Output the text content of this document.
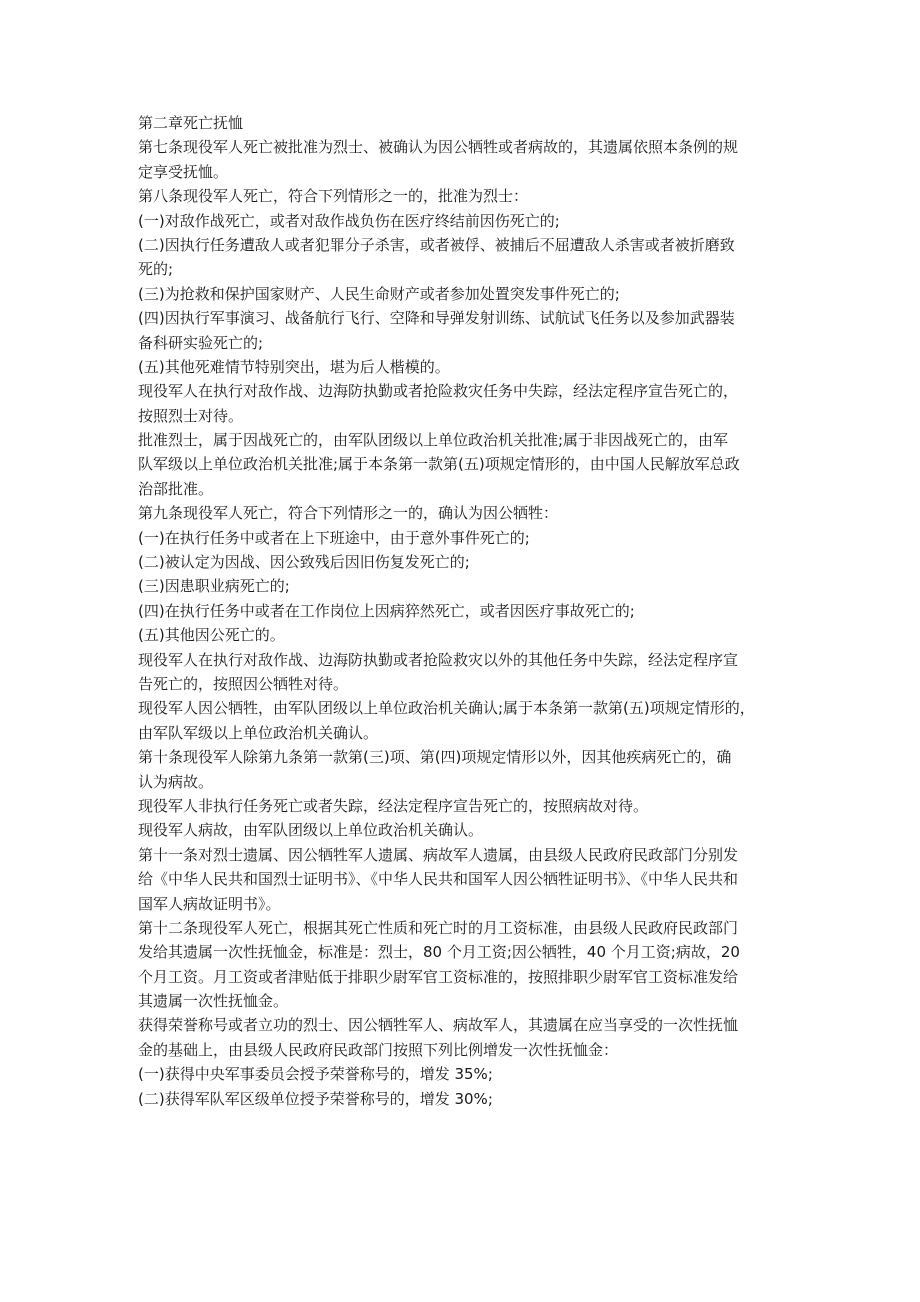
第二章死亡抚恤
第七条现役军人死亡被批准为烈士、被确认为因公牺牲或者病故的，其遗属依照本条例的规
定享受抚恤。
第八条现役军人死亡，符合下列情形之一的，批准为烈士：
(一)对敌作战死亡，或者对敌作战负伤在医疗终结前因伤死亡的;
(二)因执行任务遭敌人或者犯罪分子杀害，或者被俘、被捕后不屈遭敌人杀害或者被折磨致
死的;
(三)为抢救和保护国家财产、人民生命财产或者参加处置突发事件死亡的;
(四)因执行军事演习、战备航行飞行、空降和导弹发射训练、试航试飞任务以及参加武器装
备科研实验死亡的;
(五)其他死难情节特别突出，堪为后人楷模的。
现役军人在执行对敌作战、边海防执勤或者抢险救灾任务中失踪，经法定程序宣告死亡的，
按照烈士对待。
批准烈士，属于因战死亡的，由军队团级以上单位政治机关批准;属于非因战死亡的，由军
队军级以上单位政治机关批准;属于本条第一款第(五)项规定情形的，由中国人民解放军总政
治部批准。
第九条现役军人死亡，符合下列情形之一的，确认为因公牺牲：
(一)在执行任务中或者在上下班途中，由于意外事件死亡的;
(二)被认定为因战、因公致残后因旧伤复发死亡的;
(三)因患职业病死亡的;
(四)在执行任务中或者在工作岗位上因病猝然死亡，或者因医疗事故死亡的;
(五)其他因公死亡的。
现役军人在执行对敌作战、边海防执勤或者抢险救灾以外的其他任务中失踪，经法定程序宣
告死亡的，按照因公牺牲对待。
现役军人因公牺牲，由军队团级以上单位政治机关确认;属于本条第一款第(五)项规定情形的，
由军队军级以上单位政治机关确认。
第十条现役军人除第九条第一款第(三)项、第(四)项规定情形以外，因其他疾病死亡的，确
认为病故。
现役军人非执行任务死亡或者失踪，经法定程序宣告死亡的，按照病故对待。
现役军人病故，由军队团级以上单位政治机关确认。
第十一条对烈士遗属、因公牺牲军人遗属、病故军人遗属，由县级人民政府民政部门分别发
给《中华人民共和国烈士证明书》、《中华人民共和国军人因公牺牲证明书》、《中华人民共和
国军人病故证明书》。
第十二条现役军人死亡，根据其死亡性质和死亡时的月工资标准，由县级人民政府民政部门
发给其遗属一次性抚恤金，标准是：烈士，80 个月工资;因公牺牲，40 个月工资;病故，20
个月工资。月工资或者津贴低于排职少尉军官工资标准的，按照排职少尉军官工资标准发给
其遗属一次性抚恤金。
获得荣誉称号或者立功的烈士、因公牺牲军人、病故军人，其遗属在应当享受的一次性抚恤
金的基础上，由县级人民政府民政部门按照下列比例增发一次性抚恤金：
(一)获得中央军事委员会授予荣誉称号的，增发 35%;
(二)获得军队军区级单位授予荣誉称号的，增发 30%;
